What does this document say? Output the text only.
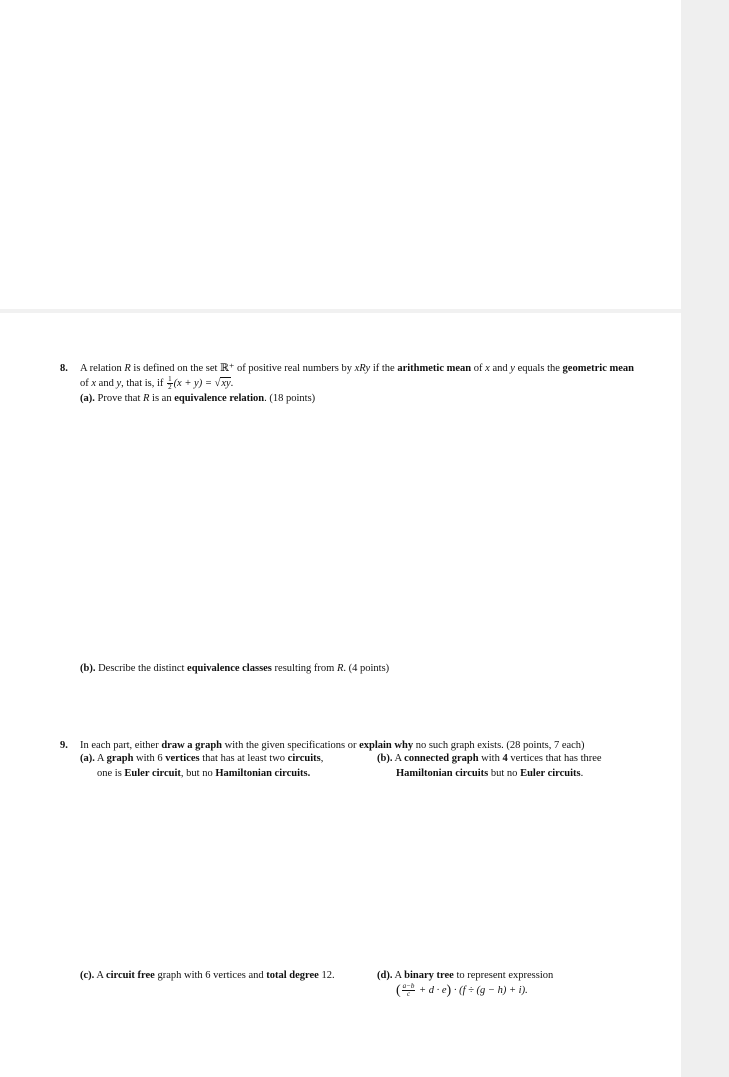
8. A relation R is defined on the set ℝ⁺ of positive real numbers by xRy if the arithmetic mean of x and y equals the geometric mean of x and y, that is, if $\frac{1}{2} (x + y) = √xy$.
(a). Prove that R is an equivalence relation. (18 points)
(b). Describe the distinct equivalence classes resulting from R. (4 points)
9. In each part, either draw a graph with the given specifications or explain why no such graph exists. (28 points, 7 each)
(a). A graph with 6 vertices that has at least two circuits,
one is Euler circuit, but no Hamiltonian circuits.
(b). A connected graph with 4 vertices that has three
Hamiltonian circuits but no Euler circuits.
(c). A circuit free graph with 6 vertices and total degree 12.	(d). A binary tree to represent expression
( $\frac{a-b}{c} + d \cdot e) \cdot (f \div (g - h) + i)$.
